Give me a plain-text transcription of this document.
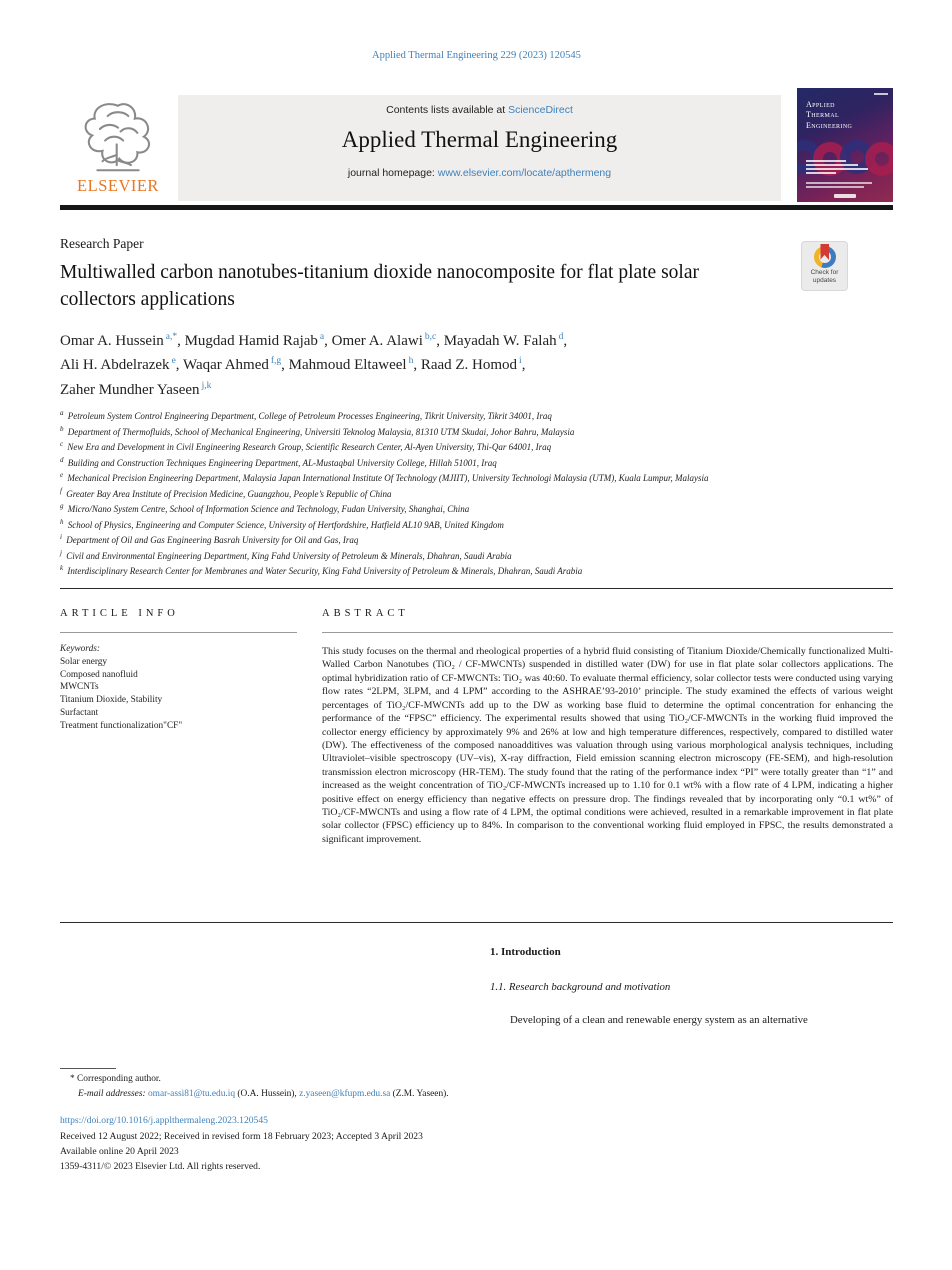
Applied Thermal Engineering 229 (2023) 120545
ELSEVIER
Contents lists available at ScienceDirect
Applied Thermal Engineering
journal homepage: www.elsevier.com/locate/apthermeng
Applied
Thermal
Engineering
Research Paper
Multiwalled carbon nanotubes-titanium dioxide nanocomposite for flat plate solar collectors applications
Check for
updates
Omar A. Hussein $^{a,*}$, Mugdad Hamid Rajab $^a$, Omer A. Alawi $^{b,c}$, Mayadah W. Falah $^d$,
Ali H. Abdelrazek $^e$, Waqar Ahmed $^{f,g}$, Mahmoud Eltaweel $^h$, Raad Z. Homod $^i$,
Zaher Mundher Yaseen $^{j,k}$
$^a$ Petroleum System Control Engineering Department, College of Petroleum Processes Engineering, Tikrit University, Tikrit 34001, Iraq
$^b$ Department of Thermofluids, School of Mechanical Engineering, Universiti Teknolog Malaysia, 81310 UTM Skudai, Johor Bahru, Malaysia
$^c$ New Era and Development in Civil Engineering Research Group, Scientific Research Center, Al-Ayen University, Thi-Qar 64001, Iraq
$^d$ Building and Construction Techniques Engineering Department, AL-Mustaqbal University College, Hillah 51001, Iraq
$^e$ Mechanical Precision Engineering Department, Malaysia Japan International Institute Of Technology (MJIIT), University Technologi Malaysia (UTM), Kuala Lumpur, Malaysia
$^f$ Greater Bay Area Institute of Precision Medicine, Guangzhou, People’s Republic of China
$^g$ Micro/Nano System Centre, School of Information Science and Technology, Fudan University, Shanghai, China
$^h$ School of Physics, Engineering and Computer Science, University of Hertfordshire, Hatfield AL10 9AB, United Kingdom
$^i$ Department of Oil and Gas Engineering Basrah University for Oil and Gas, Iraq
$^j$ Civil and Environmental Engineering Department, King Fahd University of Petroleum & Minerals, Dhahran, Saudi Arabia
$^k$ Interdisciplinary Research Center for Membranes and Water Security, King Fahd University of Petroleum & Minerals, Dhahran, Saudi Arabia
ARTICLE INFO
Keywords:
Solar energy
Composed nanofluid
MWCNTs
Titanium Dioxide, Stability
Surfactant
Treatment functionalization"CF"
ABSTRACT
This study focuses on the thermal and rheological properties of a hybrid fluid consisting of Titanium Dioxide/Chemically functionalized Multi-Walled Carbon Nanotubes (TiO₂ / CF-MWCNTs) suspended in distilled water (DW) for use in flat plate solar collectors applications. The optimal hybridization ratio of CF-MWCNTs: TiO₂ was 40:60. To evaluate thermal efficiency, solar collector tests were conducted using varying flow rates “2LPM, 3LPM, and 4 LPM” according to the ASHRAE’93-2010’ principle. The study examined the effects of various weight percentages of TiO₂/CF-MWCNTs add up to the DW as working base fluid to determine the optimal concentration for enhancing the performance of the “FPSC” efficiency. The experimental results showed that using TiO₂/CF-MWCNTs in the working fluid improved the collector energy efficiency by approximately 9% and 26% at low and high temperature differences, respectively, compared to distilled water (DW). The effectiveness of the composed nanoadditives was valuation through using various morphological analysis techniques, including Ultraviolet–visible spectroscopy (UV–vis), X-ray diffraction, Field emission scanning electron microscopy (FE-SEM), and high-resolution transmission electron microscopy (HR-TEM). The study found that the rating of the performance index “PI” were totally greater than “1” and increased as the weight concentration of TiO₂/CF-MWCNTs increased up to 1.10 for 0.1 wt% with a flow rate of 4 LPM, indicating a higher positive effect on energy efficiency than negative effects on pressure drop. The findings revealed that by incorporating only “0.1 wt%” of TiO₂/CF-MWCNTs and using a flow rate of 4 LPM, the optimal conditions were achieved, resulted in a remarkable improvement in flat plate solar collector (FPSC) efficiency up to 84%. In comparison to the conventional working fluid employed in FPSC, the results demonstrated a significant improvement.
1. Introduction
1.1. Research background and motivation
Developing of a clean and renewable energy system as an alternative
* Corresponding author.
E-mail addresses: omar-assi81@tu.edu.iq (O.A. Hussein), z.yaseen@kfupm.edu.sa (Z.M. Yaseen).
https://doi.org/10.1016/j.applthermaleng.2023.120545
Received 12 August 2022; Received in revised form 18 February 2023; Accepted 3 April 2023
Available online 20 April 2023
1359-4311/© 2023 Elsevier Ltd. All rights reserved.
